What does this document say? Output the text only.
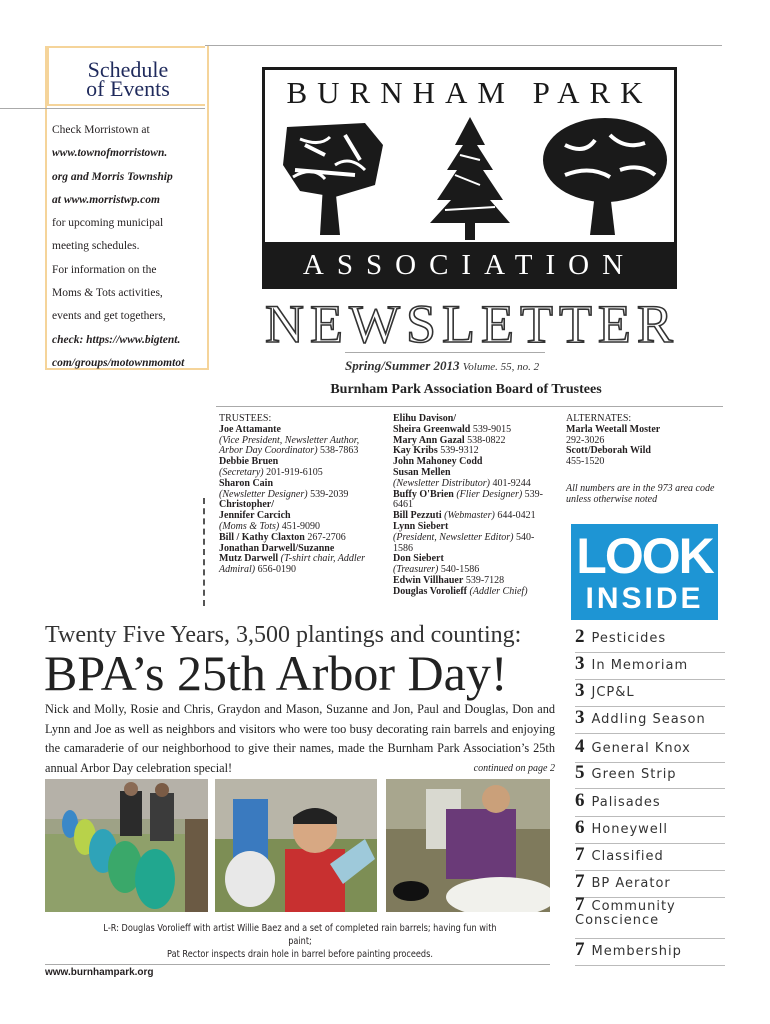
Schedule
of Events

Check Morristown at

www.townofmorristown.

org and Morris Township

at www.morristwp.com

for upcoming municipal

meeting schedules.

For information on the

Moms & Tots activities,

events and get togethers,

check: https://www.bigtent.

com/groups/motownmomtot

BURNHAM PARK
ASSOCIATION
NEWSLETTER
Spring/Summer 2013 Volume. 55, no. 2
Burnham Park Association Board of Trustees
TRUSTEES:
Joe Attamante
(Vice President, Newsletter Author, Arbor Day Coordinator) 538-7863
Debbie Bruen
(Secretary) 201-919-6105
Sharon Cain
(Newsletter Designer) 539-2039
Christopher/
Jennifer Carcich
(Moms & Tots) 451-9090
Bill / Kathy Claxton 267-2706
Jonathan Darwell/Suzanne
Mutz Darwell (T-shirt chair, Addler Admiral) 656-0190
Elihu Davison/
Sheira Greenwald 539-9015
Mary Ann Gazal 538-0822
Kay Kribs 539-9312
John Mahoney Codd
Susan Mellen
(Newsletter Distributor) 401-9244
Buffy O'Brien (Flier Designer) 539-6461
Bill Pezzuti (Webmaster) 644-0421
Lynn Siebert
(President, Newsletter Editor) 540-1586
Don Siebert
(Treasurer) 540-1586
Edwin Villhauer 539-7128
Douglas Vorolieff (Addler Chief)
ALTERNATES:
Marla Weetall Moster
292-3026
Scott/Deborah Wild
455-1520
All numbers are in the 973 area code unless otherwise noted
LOOK
INSIDE
2 Pesticides
3 In Memoriam
3 JCP&L
3 Addling Season
4 General Knox
5 Green Strip
6 Palisades
6 Honeywell
7 Classified
7 BP Aerator
7 Community Conscience
7 Membership
Twenty Five Years, 3,500 plantings and counting:
BPA’s 25th Arbor Day!
Nick and Molly, Rosie and Chris, Graydon and Mason, Suzanne and Jon, Paul and Douglas, Don and Lynn and Joe as well as neighbors and visitors who were too busy decorating rain barrels and enjoying the camaraderie of our neighborhood to give their names, made the Burnham Park Association’s 25th annual Arbor Day celebration special!	continued on page 2
L-R: Douglas Vorolieff with artist Willie Baez and a set of completed rain barrels; having fun with paint;
Pat Rector inspects drain hole in barrel before painting proceeds.
www.burnhampark.org
